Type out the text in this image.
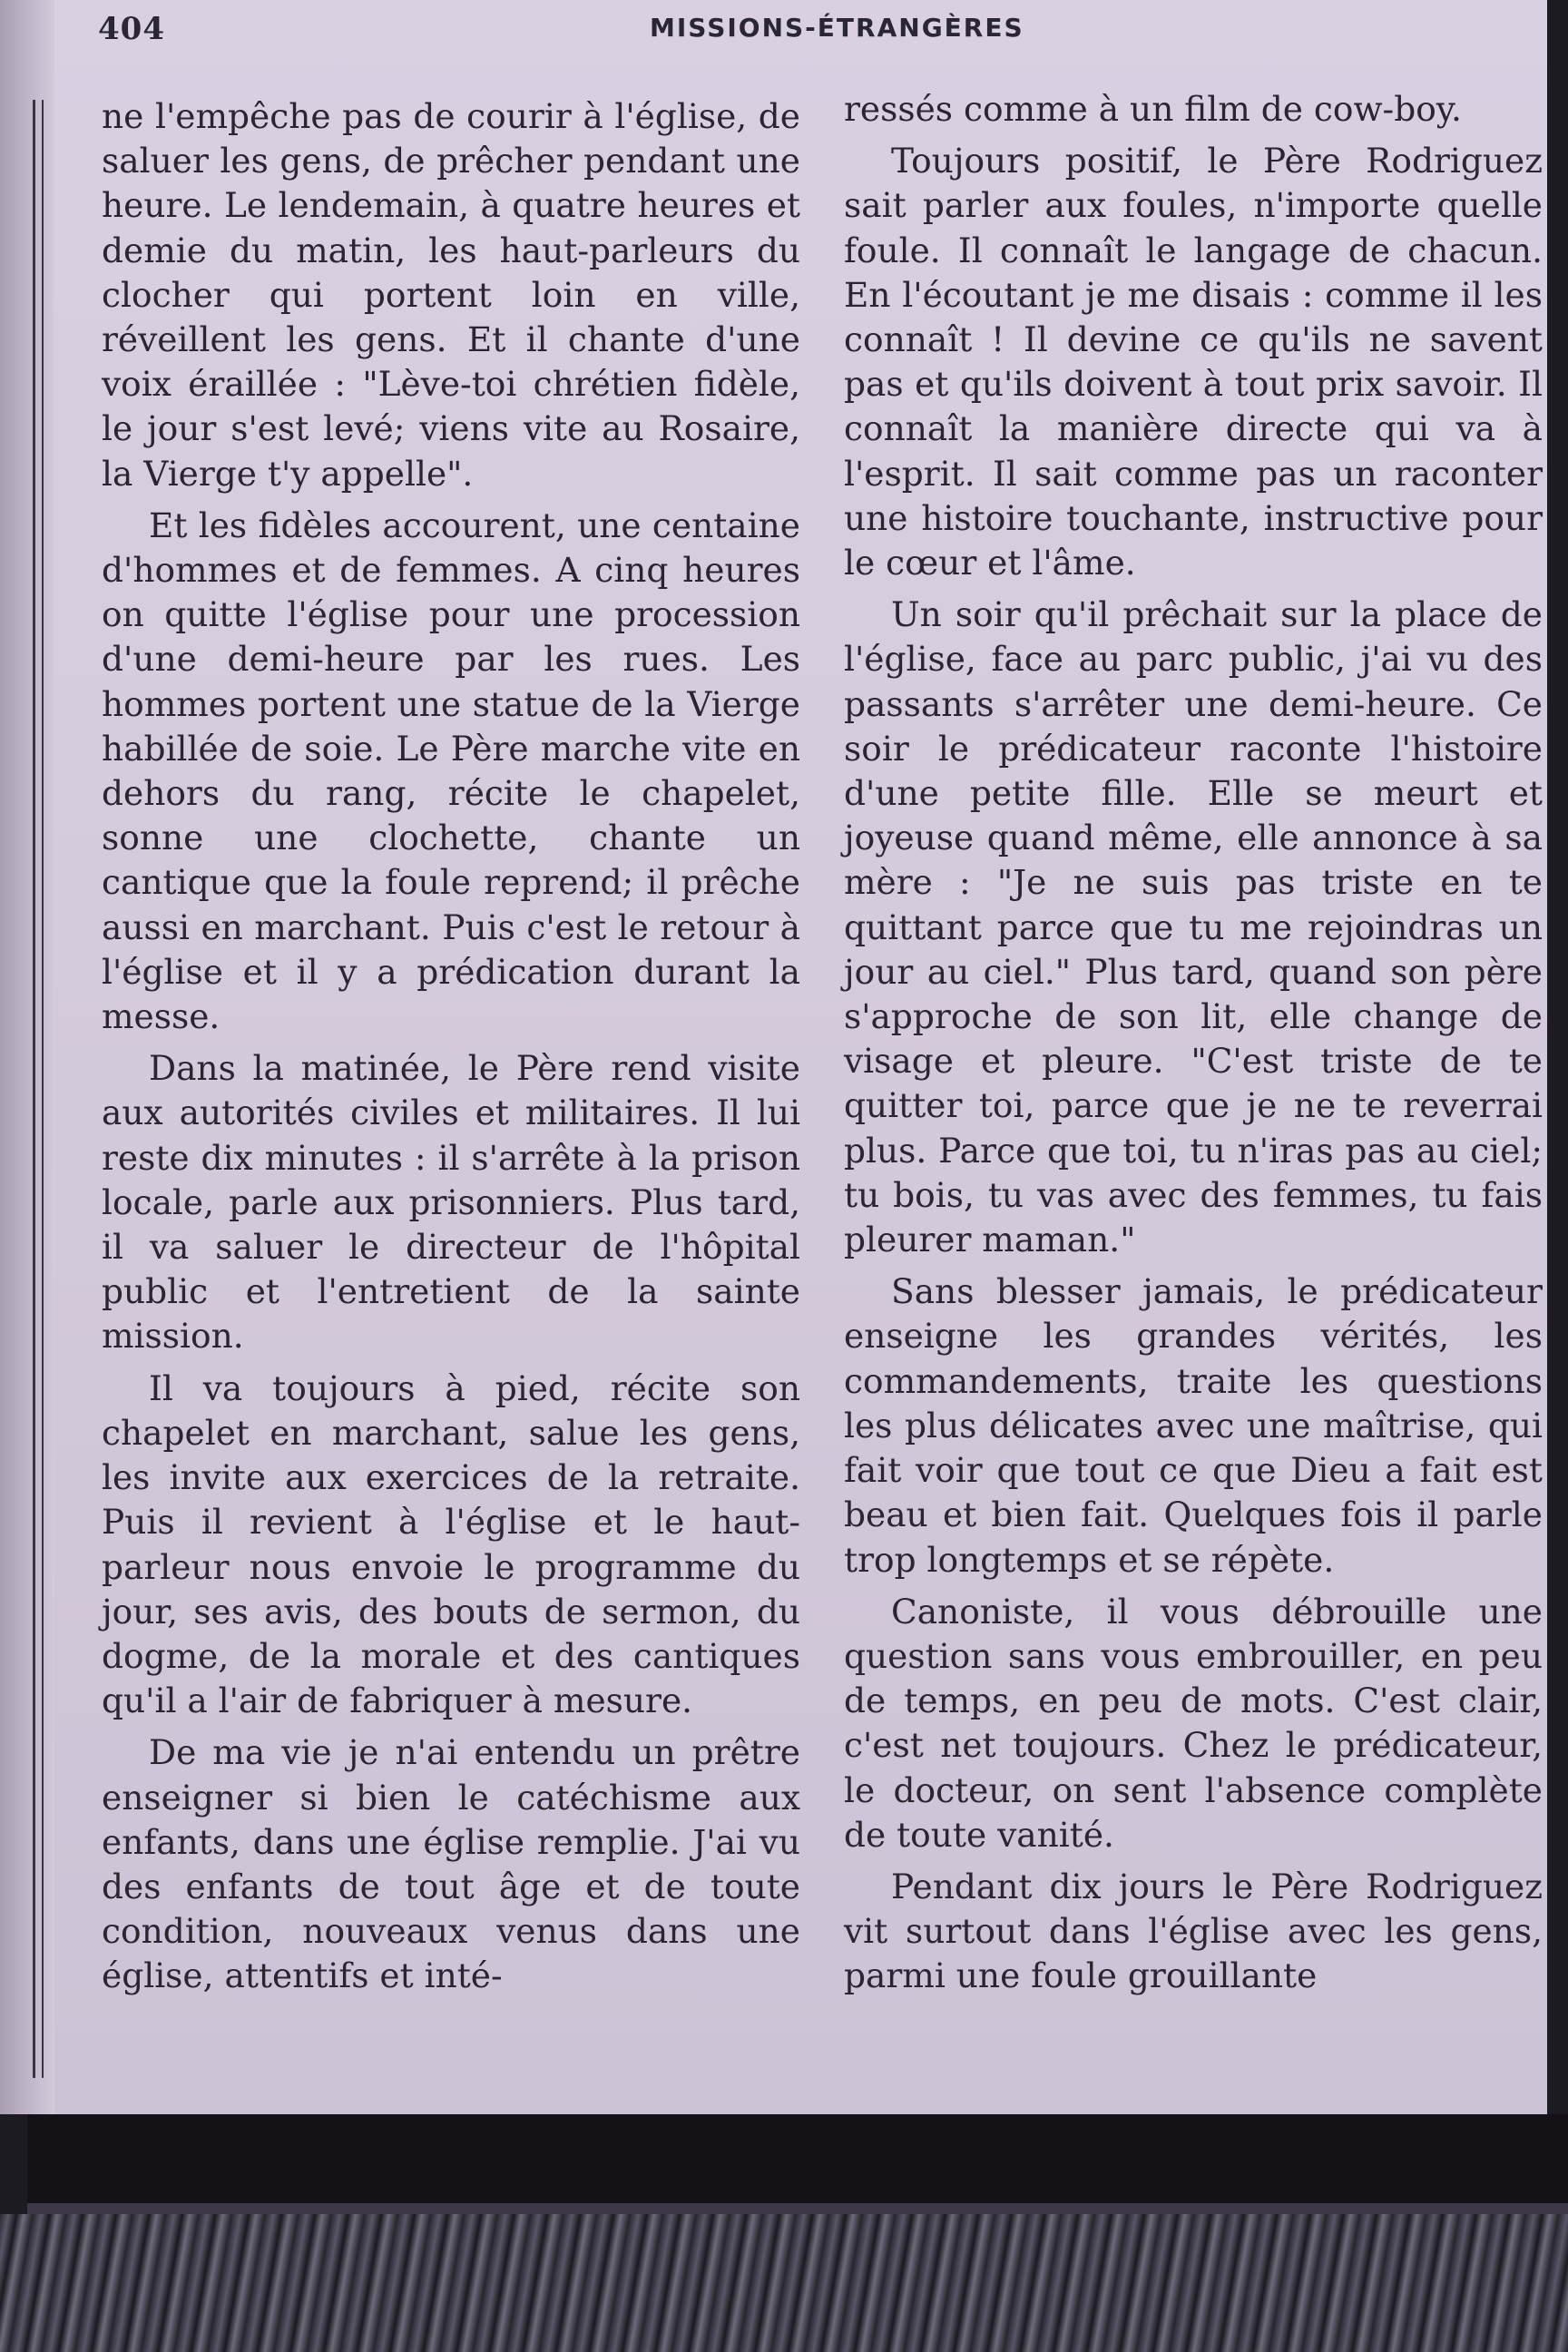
404	MISSIONS-ÉTRANGÈRES

ne l'empêche pas de courir à l'église, de saluer les gens, de prêcher pendant une heure. Le lendemain, à quatre heures et demie du matin, les haut-parleurs du clocher qui portent loin en ville, réveillent les gens. Et il chante d'une voix éraillée : "Lève-toi chrétien fidèle, le jour s'est levé; viens vite au Rosaire, la Vierge t'y appelle".

Et les fidèles accourent, une centaine d'hommes et de femmes. A cinq heures on quitte l'église pour une procession d'une demi-heure par les rues. Les hommes portent une statue de la Vierge habillée de soie. Le Père marche vite en dehors du rang, récite le chapelet, sonne une clochette, chante un cantique que la foule reprend; il prêche aussi en marchant. Puis c'est le retour à l'église et il y a prédication durant la messe.

Dans la matinée, le Père rend visite aux autorités civiles et militaires. Il lui reste dix minutes : il s'arrête à la prison locale, parle aux prisonniers. Plus tard, il va saluer le directeur de l'hôpital public et l'entretient de la sainte mission.

Il va toujours à pied, récite son chapelet en marchant, salue les gens, les invite aux exercices de la retraite. Puis il revient à l'église et le haut-parleur nous envoie le programme du jour, ses avis, des bouts de sermon, du dogme, de la morale et des cantiques qu'il a l'air de fabriquer à mesure.

De ma vie je n'ai entendu un prêtre enseigner si bien le catéchisme aux enfants, dans une église remplie. J'ai vu des enfants de tout âge et de toute condition, nouveaux venus dans une église, attentifs et inté-

ressés comme à un film de cow-boy.

Toujours positif, le Père Rodriguez sait parler aux foules, n'importe quelle foule. Il connaît le langage de chacun. En l'écoutant je me disais : comme il les connaît ! Il devine ce qu'ils ne savent pas et qu'ils doivent à tout prix savoir. Il connaît la manière directe qui va à l'esprit. Il sait comme pas un raconter une histoire touchante, instructive pour le cœur et l'âme.

Un soir qu'il prêchait sur la place de l'église, face au parc public, j'ai vu des passants s'arrêter une demi-heure. Ce soir le prédicateur raconte l'histoire d'une petite fille. Elle se meurt et joyeuse quand même, elle annonce à sa mère : "Je ne suis pas triste en te quittant parce que tu me rejoindras un jour au ciel." Plus tard, quand son père s'approche de son lit, elle change de visage et pleure. "C'est triste de te quitter toi, parce que je ne te reverrai plus. Parce que toi, tu n'iras pas au ciel; tu bois, tu vas avec des femmes, tu fais pleurer maman."

Sans blesser jamais, le prédicateur enseigne les grandes vérités, les commandements, traite les questions les plus délicates avec une maîtrise, qui fait voir que tout ce que Dieu a fait est beau et bien fait. Quelques fois il parle trop longtemps et se répète.

Canoniste, il vous débrouille une question sans vous embrouiller, en peu de temps, en peu de mots. C'est clair, c'est net toujours. Chez le prédicateur, le docteur, on sent l'absence complète de toute vanité.

Pendant dix jours le Père Rodriguez vit surtout dans l'église avec les gens, parmi une foule grouillante
